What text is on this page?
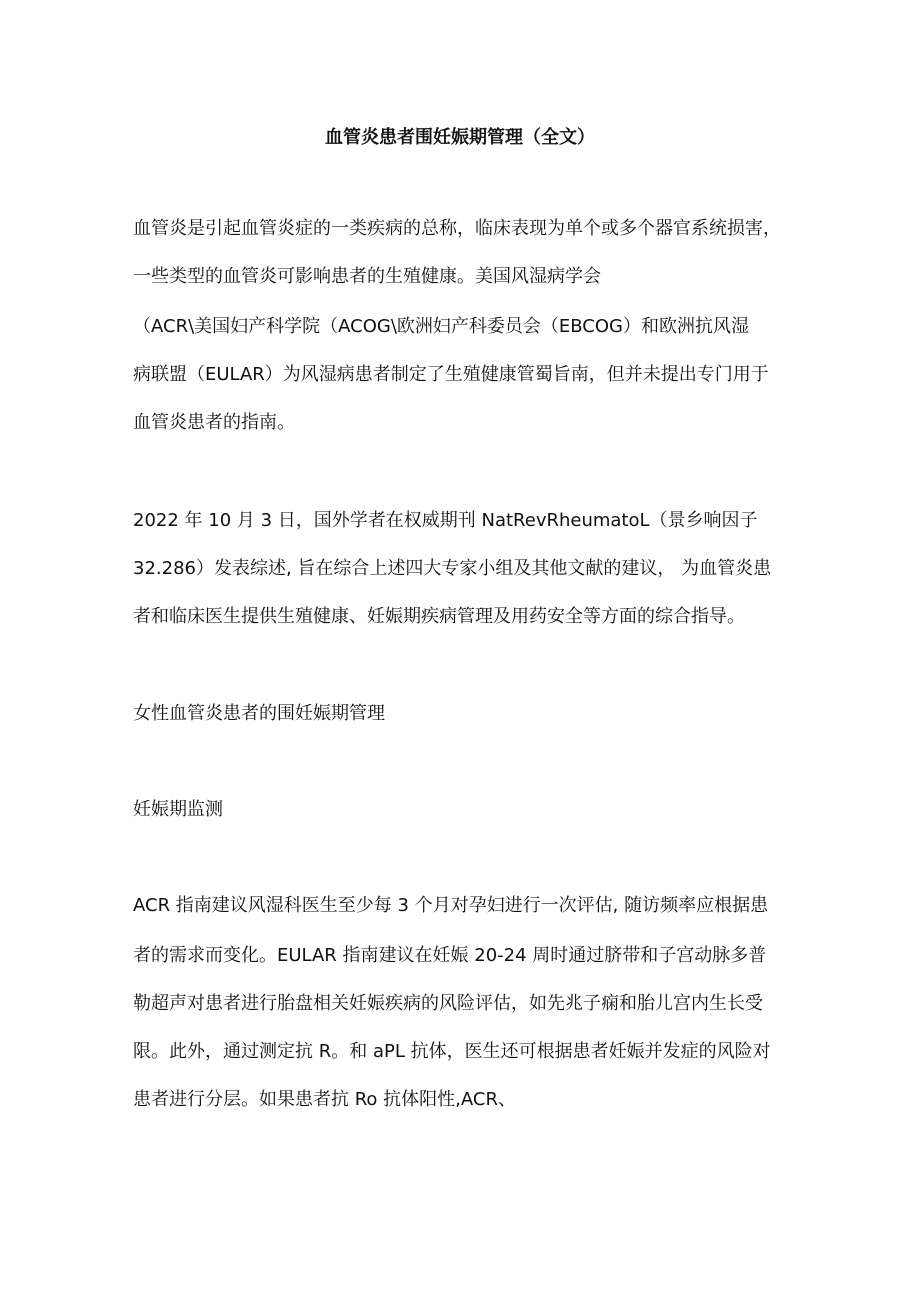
血管炎患者围妊娠期管理（全文）
血管炎是引起血管炎症的一类疾病的总称，临床表现为单个或多个器官系统损害，
一些类型的血管炎可影响患者的生殖健康。美国风湿病学会
（ACR\美国妇产科学院（ACOG\欧洲妇产科委员会（EBCOG）和欧洲抗风湿
病联盟（EULAR）为风湿病患者制定了生殖健康管蜀旨南，但并未提出专门用于
血管炎患者的指南。
2022 年 10 月 3 日，国外学者在权威期刊 NatRevRheumatoL（景乡响因子
32.286）发表综述, 旨在综合上述四大专家小组及其他文献的建议， 为血管炎患
者和临床医生提供生殖健康、妊娠期疾病管理及用药安全等方面的综合指导。
女性血管炎患者的围妊娠期管理
妊娠期监测
ACR 指南建议风湿科医生至少每 3 个月对孕妇进行一次评估, 随访频率应根据患
者的需求而变化。EULAR 指南建议在妊娠 20-24 周时通过脐带和子宫动脉多普
勒超声对患者进行胎盘相关妊娠疾病的风险评估，如先兆子痫和胎儿宫内生长受
限。此外，通过测定抗 R。和 aPL 抗体，医生还可根据患者妊娠并发症的风险对
患者进行分层。如果患者抗 Ro 抗体阳性,ACR、
